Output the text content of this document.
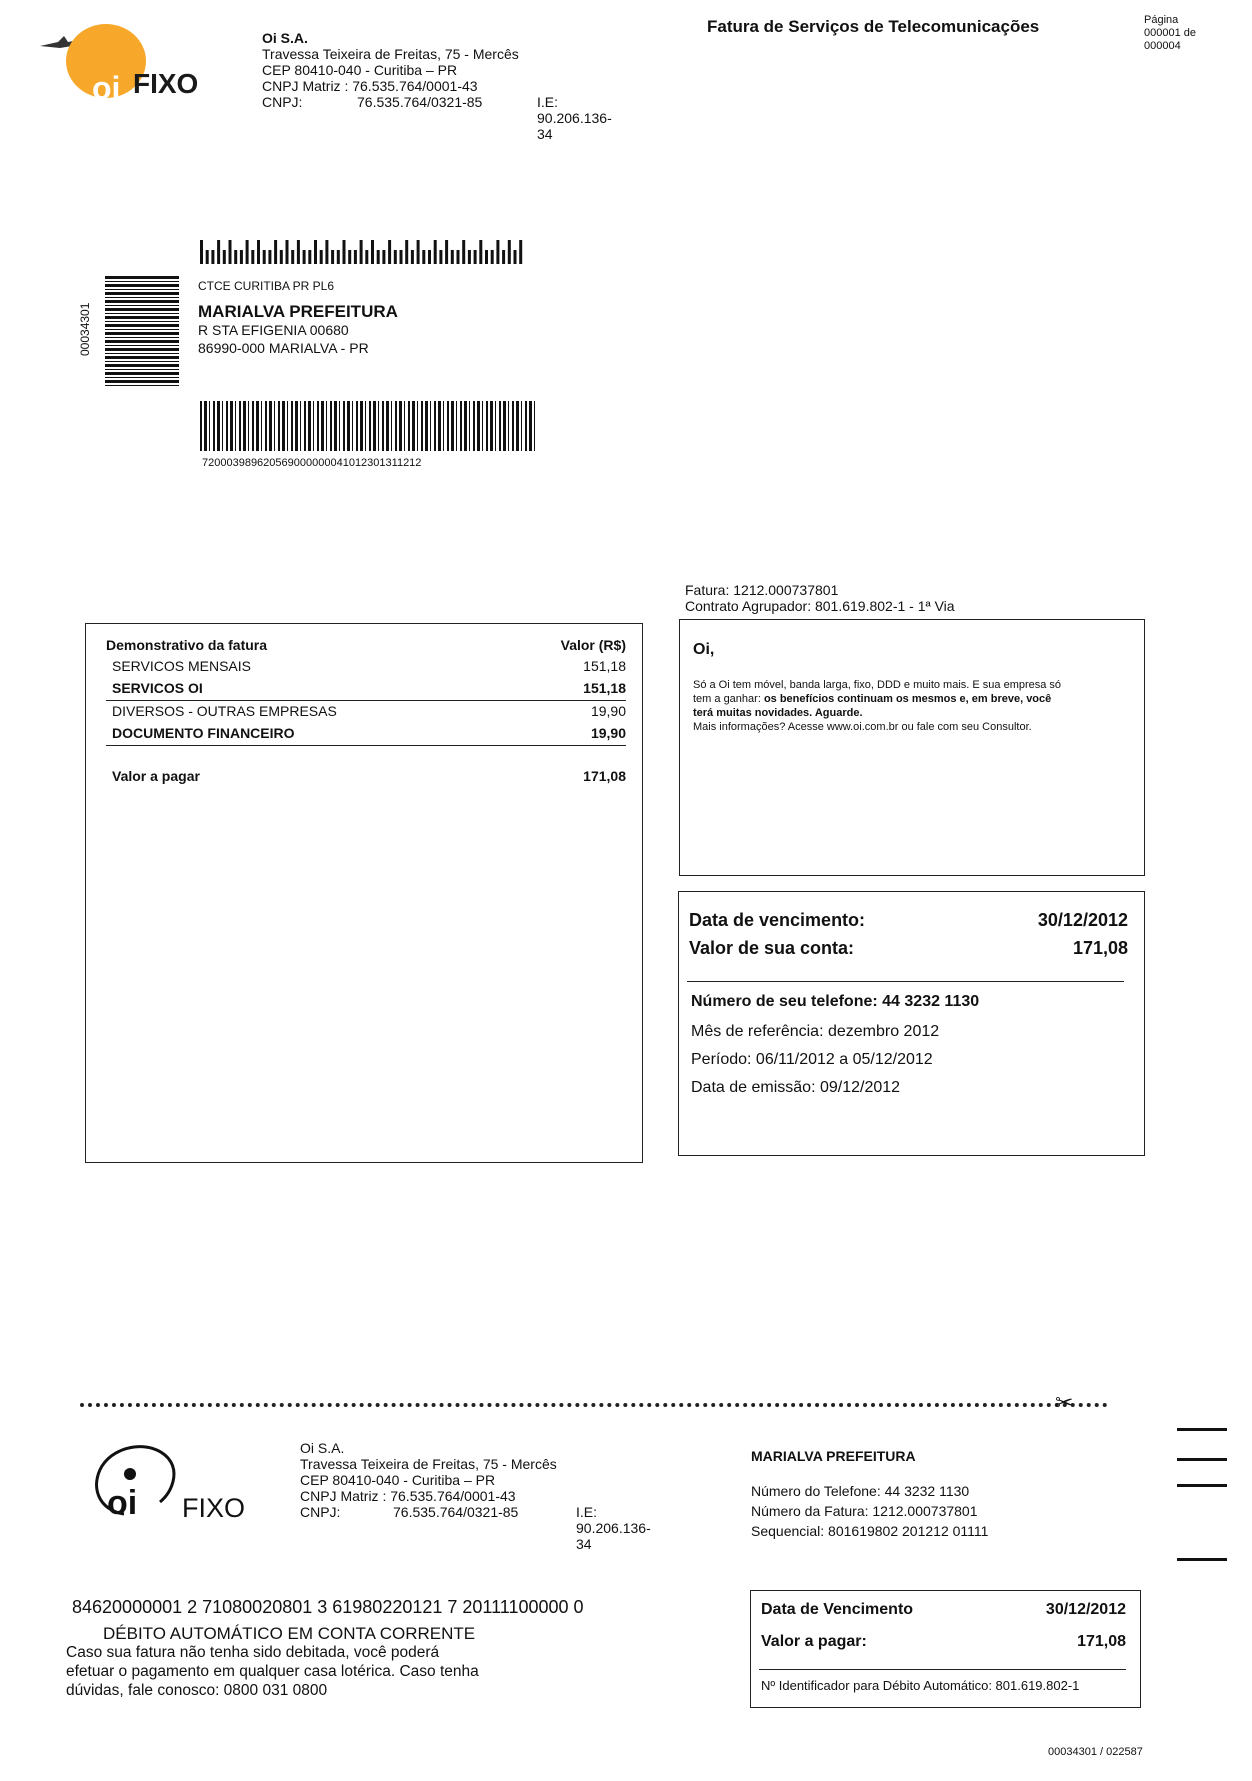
oi FIXO
Oi S.A.
Travessa Teixeira de Freitas, 75 - Mercês
CEP 80410-040 - Curitiba – PR
CNPJ Matriz : 76.535.764/0001-43
CNPJ:	76.535.764/0321-85	I.E: 90.206.136-34
Fatura de Serviços de Telecomunicações	Página
000001 de
000004
00034301
CTCE CURITIBA PR PL6
MARIALVA PREFEITURA
R STA EFIGENIA 00680
86990-000 MARIALVA - PR
720003989620569000000041012301311212
Fatura: 1212.000737801
Contrato Agrupador: 801.619.802-1 - 1ª Via
Demonstrativo da fatura	Valor (R$)
SERVICOS MENSAIS	151,18
SERVICOS OI	151,18
DIVERSOS - OUTRAS EMPRESAS	19,90
DOCUMENTO FINANCEIRO	19,90
Valor a pagar	171,08
Oi,
Só a Oi tem móvel, banda larga, fixo, DDD e muito mais. E sua empresa só
tem a ganhar: os benefícios continuam os mesmos e, em breve, você
terá muitas novidades. Aguarde.
Mais informações? Acesse www.oi.com.br ou fale com seu Consultor.
Data de vencimento:	30/12/2012
Valor de sua conta:	171,08
Número de seu telefone: 44 3232 1130
Mês de referência: dezembro 2012
Período: 06/11/2012 a 05/12/2012
Data de emissão: 09/12/2012
✂
oi FIXO
Oi S.A.
Travessa Teixeira de Freitas, 75 - Mercês
CEP 80410-040 - Curitiba – PR
CNPJ Matriz : 76.535.764/0001-43
CNPJ:	76.535.764/0321-85	I.E: 90.206.136-34
MARIALVA PREFEITURA
Número do Telefone: 44 3232 1130
Número da Fatura: 1212.000737801
Sequencial: 801619802 201212 01111
84620000001 2 71080020801 3 61980220121 7 20111100000 0
DÉBITO AUTOMÁTICO EM CONTA CORRENTE
Caso sua fatura não tenha sido debitada, você poderá
efetuar o pagamento em qualquer casa lotérica. Caso tenha
dúvidas, fale conosco: 0800 031 0800
Data de Vencimento	30/12/2012
Valor a pagar:	171,08
Nº Identificador para Débito Automático: 801.619.802-1
00034301 / 022587
